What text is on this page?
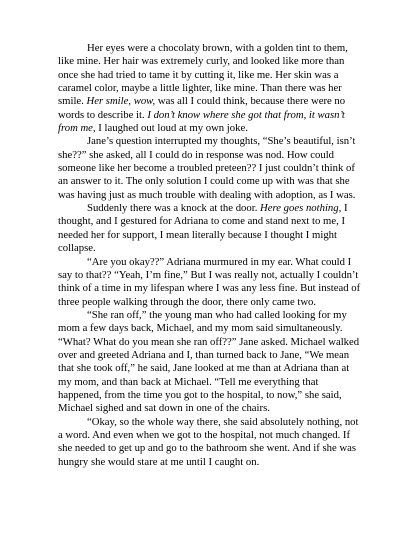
Her eyes were a chocolaty brown, with a golden tint to them, like mine. Her hair was extremely curly, and looked like more than once she had tried to tame it by cutting it, like me. Her skin was a caramel color, maybe a little lighter, like mine. Than there was her smile. Her smile, wow, was all I could think, because there were no words to describe it. I don’t know where she got that from, it wasn’t from me, I laughed out loud at my own joke.

Jane’s question interrupted my thoughts, “She’s beautiful, isn’t she??” she asked, all I could do in response was nod. How could someone like her become a troubled preteen?? I just couldn’t think of an answer to it. The only solution I could come up with was that she was having just as much trouble with dealing with adoption, as I was.

Suddenly there was a knock at the door. Here goes nothing, I thought, and I gestured for Adriana to come and stand next to me, I needed her for support, I mean literally because I thought I might collapse.

“Are you okay??” Adriana murmured in my ear. What could I say to that?? “Yeah, I’m fine,” But I was really not, actually I couldn’t think of a time in my lifespan where I was any less fine. But instead of three people walking through the door, there only came two.

“She ran off,” the young man who had called looking for my mom a few days back, Michael, and my mom said simultaneously. “What? What do you mean she ran off??” Jane asked. Michael walked over and greeted Adriana and I, than turned back to Jane, “We mean that she took off,” he said, Jane looked at me than at Adriana than at my mom, and than back at Michael. “Tell me everything that happened, from the time you got to the hospital, to now,” she said, Michael sighed and sat down in one of the chairs.

“Okay, so the whole way there, she said absolutely nothing, not a word. And even when we got to the hospital, not much changed. If she needed to get up and go to the bathroom she went. And if she was hungry she would stare at me until I caught on.
